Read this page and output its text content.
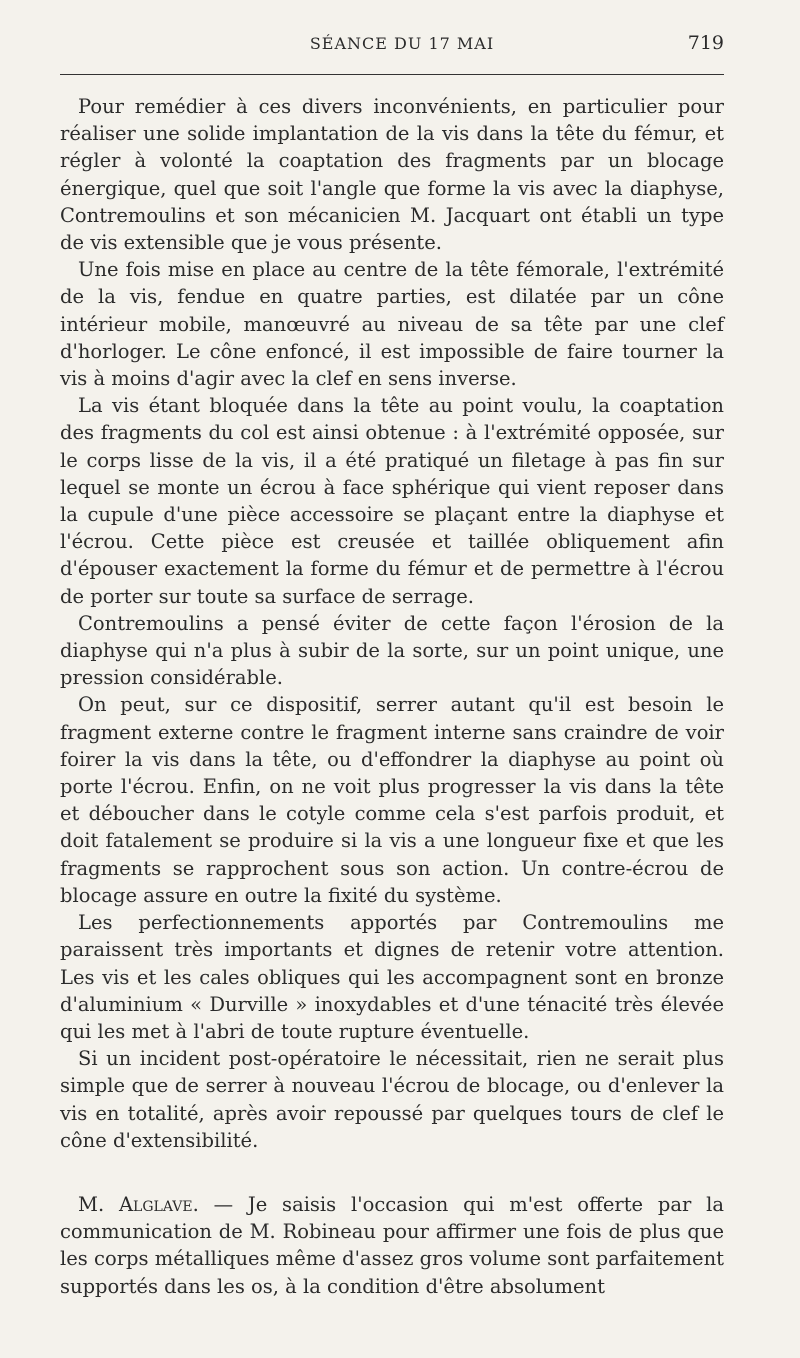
SÉANCE DU 17 MAI	719

Pour remédier à ces divers inconvénients, en particulier pour réaliser une solide implantation de la vis dans la tête du fémur, et régler à volonté la coaptation des fragments par un blocage énergique, quel que soit l'angle que forme la vis avec la diaphyse, Contremoulins et son mécanicien M. Jacquart ont établi un type de vis extensible que je vous présente.

Une fois mise en place au centre de la tête fémorale, l'extrémité de la vis, fendue en quatre parties, est dilatée par un cône intérieur mobile, manœuvré au niveau de sa tête par une clef d'horloger. Le cône enfoncé, il est impossible de faire tourner la vis à moins d'agir avec la clef en sens inverse.

La vis étant bloquée dans la tête au point voulu, la coaptation des fragments du col est ainsi obtenue : à l'extrémité opposée, sur le corps lisse de la vis, il a été pratiqué un filetage à pas fin sur lequel se monte un écrou à face sphérique qui vient reposer dans la cupule d'une pièce accessoire se plaçant entre la diaphyse et l'écrou. Cette pièce est creusée et taillée obliquement afin d'épouser exactement la forme du fémur et de permettre à l'écrou de porter sur toute sa surface de serrage.

Contremoulins a pensé éviter de cette façon l'érosion de la diaphyse qui n'a plus à subir de la sorte, sur un point unique, une pression considérable.

On peut, sur ce dispositif, serrer autant qu'il est besoin le fragment externe contre le fragment interne sans craindre de voir foirer la vis dans la tête, ou d'effondrer la diaphyse au point où porte l'écrou. Enfin, on ne voit plus progresser la vis dans la tête et déboucher dans le cotyle comme cela s'est parfois produit, et doit fatalement se produire si la vis a une longueur fixe et que les fragments se rapprochent sous son action. Un contre-écrou de blocage assure en outre la fixité du système.

Les perfectionnements apportés par Contremoulins me paraissent très importants et dignes de retenir votre attention. Les vis et les cales obliques qui les accompagnent sont en bronze d'aluminium « Durville » inoxydables et d'une ténacité très élevée qui les met à l'abri de toute rupture éventuelle.

Si un incident post-opératoire le nécessitait, rien ne serait plus simple que de serrer à nouveau l'écrou de blocage, ou d'enlever la vis en totalité, après avoir repoussé par quelques tours de clef le cône d'extensibilité.

M. Alglave. — Je saisis l'occasion qui m'est offerte par la communication de M. Robineau pour affirmer une fois de plus que les corps métalliques même d'assez gros volume sont parfaitement supportés dans les os, à la condition d'être absolument
